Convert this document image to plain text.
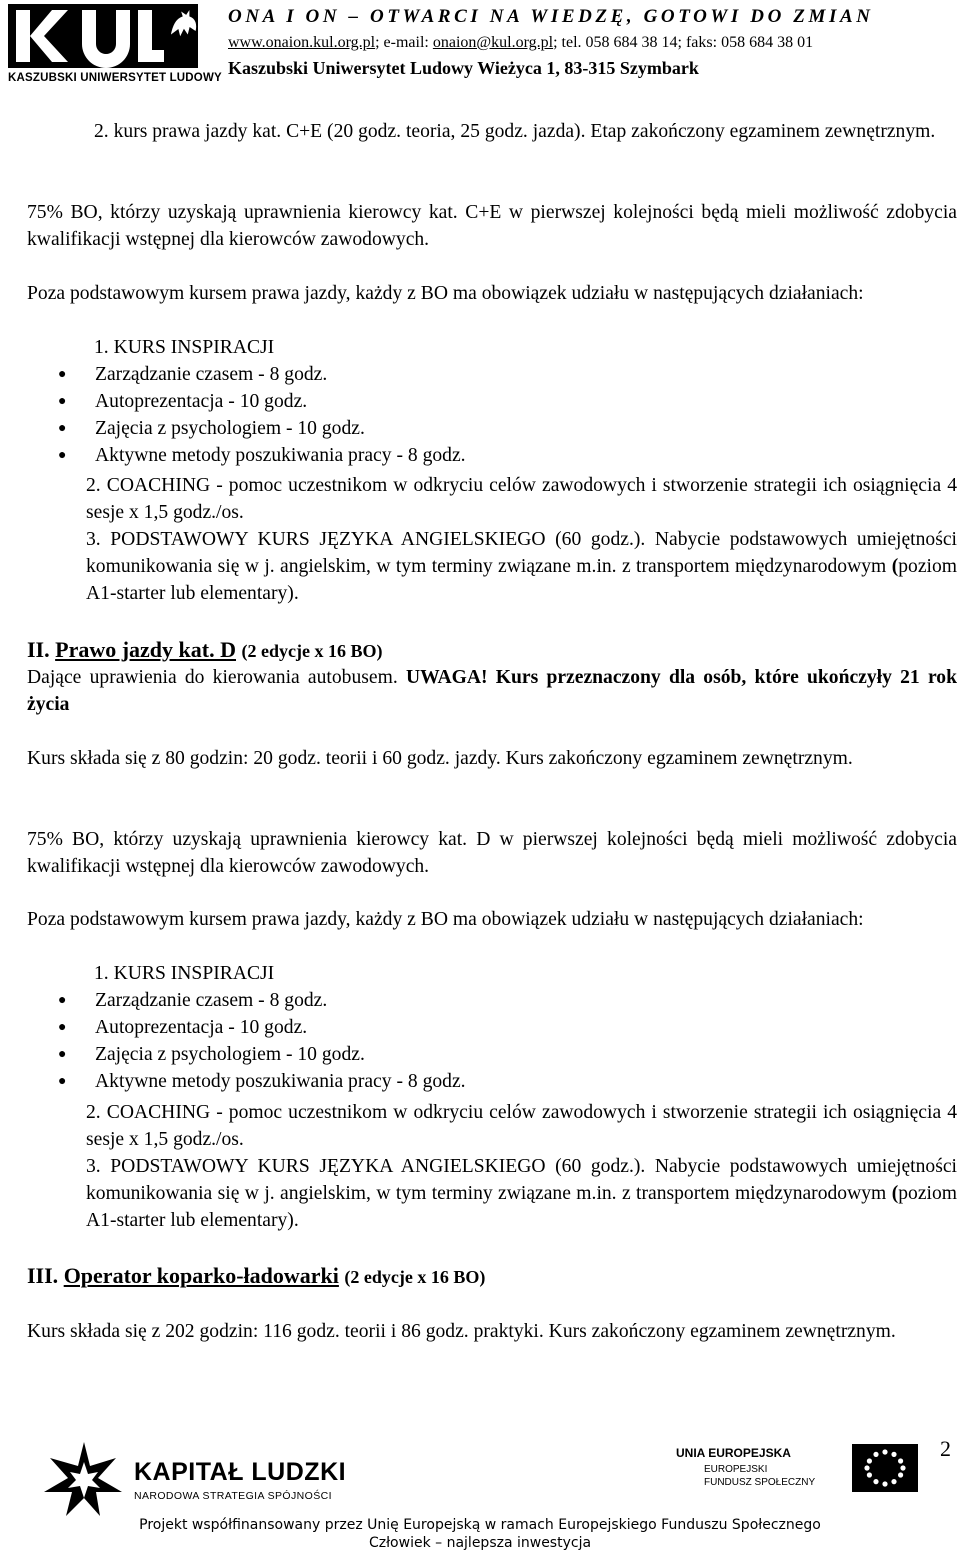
KASZUBSKI UNIWERSYTET LUDOWY
ONA I ON – OTWARCI NA WIEDZĘ, GOTOWI DO ZMIAN
www.onaion.kul.org.pl; e-mail: onaion@kul.org.pl; tel. 058 684 38 14; faks: 058 684 38 01
Kaszubski Uniwersytet Ludowy Wieżyca 1, 83-315 Szymbark

2. kurs prawa jazdy kat. C+E (20 godz. teoria, 25 godz. jazda). Etap zakończony egzaminem zewnętrznym.

75% BO, którzy uzyskają uprawnienia kierowcy kat. C+E w pierwszej kolejności będą mieli możliwość zdobycia kwalifikacji wstępnej dla kierowców zawodowych.

Poza podstawowym kursem prawa jazdy, każdy z BO ma obowiązek udziału w następujących działaniach:

1. KURS INSPIRACJI
● Zarządzanie czasem - 8 godz.
● Autoprezentacja - 10 godz.
● Zajęcia z psychologiem - 10 godz.
● Aktywne metody poszukiwania pracy - 8 godz.

2. COACHING - pomoc uczestnikom w odkryciu celów zawodowych i stworzenie strategii ich osiągnięcia 4 sesje x 1,5 godz./os.

3. PODSTAWOWY KURS JĘZYKA ANGIELSKIEGO (60 godz.). Nabycie podstawowych umiejętności komunikowania się w j. angielskim, w tym terminy związane m.in. z transportem międzynarodowym (poziom A1-starter lub elementary).

II. Prawo jazdy kat. D (2 edycje x 16 BO)

Dające uprawienia do kierowania autobusem. UWAGA! Kurs przeznaczony dla osób, które ukończyły 21 rok życia

Kurs składa się z 80 godzin: 20 godz. teorii i 60 godz. jazdy. Kurs zakończony egzaminem zewnętrznym.

75% BO, którzy uzyskają uprawnienia kierowcy kat. D w pierwszej kolejności będą mieli możliwość zdobycia kwalifikacji wstępnej dla kierowców zawodowych.

Poza podstawowym kursem prawa jazdy, każdy z BO ma obowiązek udziału w następujących działaniach:

1. KURS INSPIRACJI
● Zarządzanie czasem - 8 godz.
● Autoprezentacja - 10 godz.
● Zajęcia z psychologiem - 10 godz.
● Aktywne metody poszukiwania pracy - 8 godz.

2. COACHING - pomoc uczestnikom w odkryciu celów zawodowych i stworzenie strategii ich osiągnięcia 4 sesje x 1,5 godz./os.

3. PODSTAWOWY KURS JĘZYKA ANGIELSKIEGO (60 godz.). Nabycie podstawowych umiejętności komunikowania się w j. angielskim, w tym terminy związane m.in. z transportem międzynarodowym (poziom A1-starter lub elementary).

III. Operator koparko-ładowarki (2 edycje x 16 BO)

Kurs składa się z 202 godzin: 116 godz. teorii i 86 godz. praktyki. Kurs zakończony egzaminem zewnętrznym.

KAPITAŁ LUDZKI
NARODOWA STRATEGIA SPÓJNOŚCI
UNIA EUROPEJSKA
EUROPEJSKI
FUNDUSZ SPOŁECZNY
2
Projekt współfinansowany przez Unię Europejską w ramach Europejskiego Funduszu Społecznego
Człowiek – najlepsza inwestycja
